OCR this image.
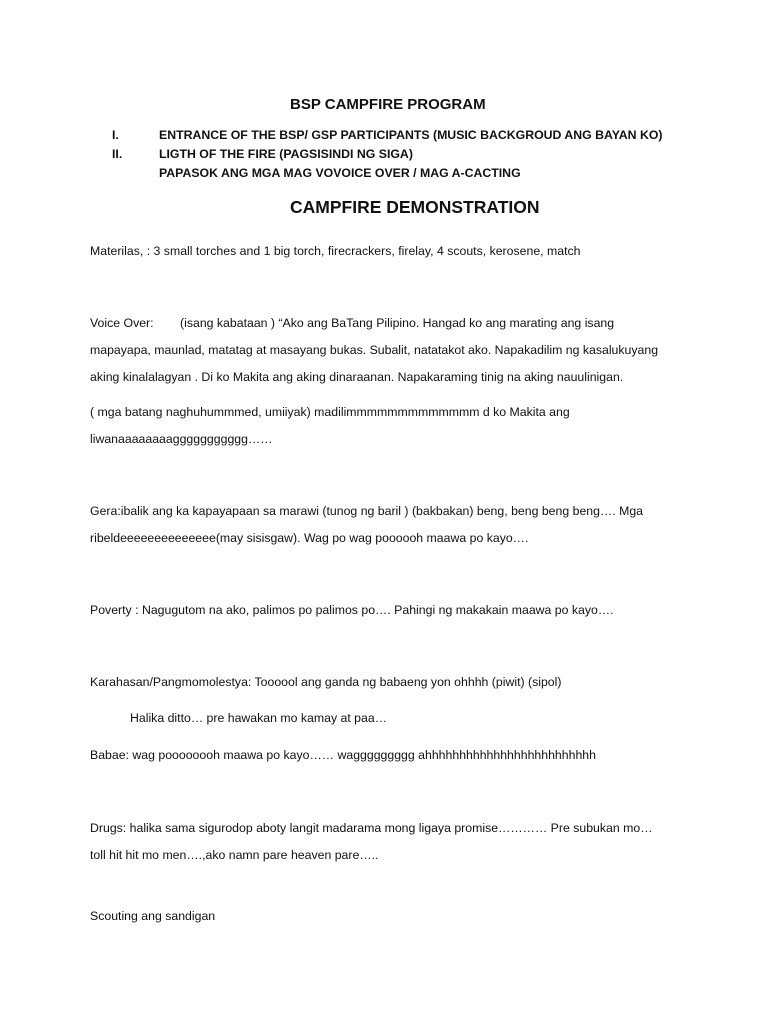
BSP CAMPFIRE PROGRAM
I.	ENTRANCE OF THE BSP/ GSP PARTICIPANTS (MUSIC BACKGROUD ANG BAYAN KO)
II.	LIGTH OF THE FIRE (PAGSISINDI NG SIGA)
PAPASOK ANG MGA MAG VOVOICE OVER / MAG A-CACTING
CAMPFIRE DEMONSTRATION
Materilas, : 3 small torches and 1 big torch, firecrackers, firelay, 4 scouts, kerosene, match
Voice Over: (isang kabataan ) “Ako ang BaTang Pilipino. Hangad ko ang marating ang isang
mapayapa, maunlad, matatag at masayang bukas. Subalit, natatakot ako. Napakadilim ng kasalukuyang
aking kinalalagyan . Di ko Makita ang aking dinaraanan. Napakaraming tinig na aking nauulinigan.
( mga batang naghuhummmed, umiiyak) madilimmmmmmmmmmmmm d ko Makita ang
liwanaaaaaaaaggggggggggg……
Gera:ibalik ang ka kapayapaan sa marawi (tunog ng baril ) (bakbakan) beng, beng beng beng…. Mga
ribeldeeeeeeeeeeeeee(may sisisgaw). Wag po wag poooooh maawa po kayo….
Poverty : Nagugutom na ako, palimos po palimos po…. Pahingi ng makakain maawa po kayo….
Karahasan/Pangmomolestya: Toooool ang ganda ng babaeng yon ohhhh (piwit) (sipol)
Halika ditto… pre hawakan mo kamay at paa…
Babae: wag poooooooh maawa po kayo…… waggggggggg ahhhhhhhhhhhhhhhhhhhhhhhhh
Drugs: halika sama sigurodop aboty langit madarama mong ligaya promise………… Pre subukan mo…
toll hit hit mo men….,ako namn pare heaven pare…..
Scouting ang sandigan
